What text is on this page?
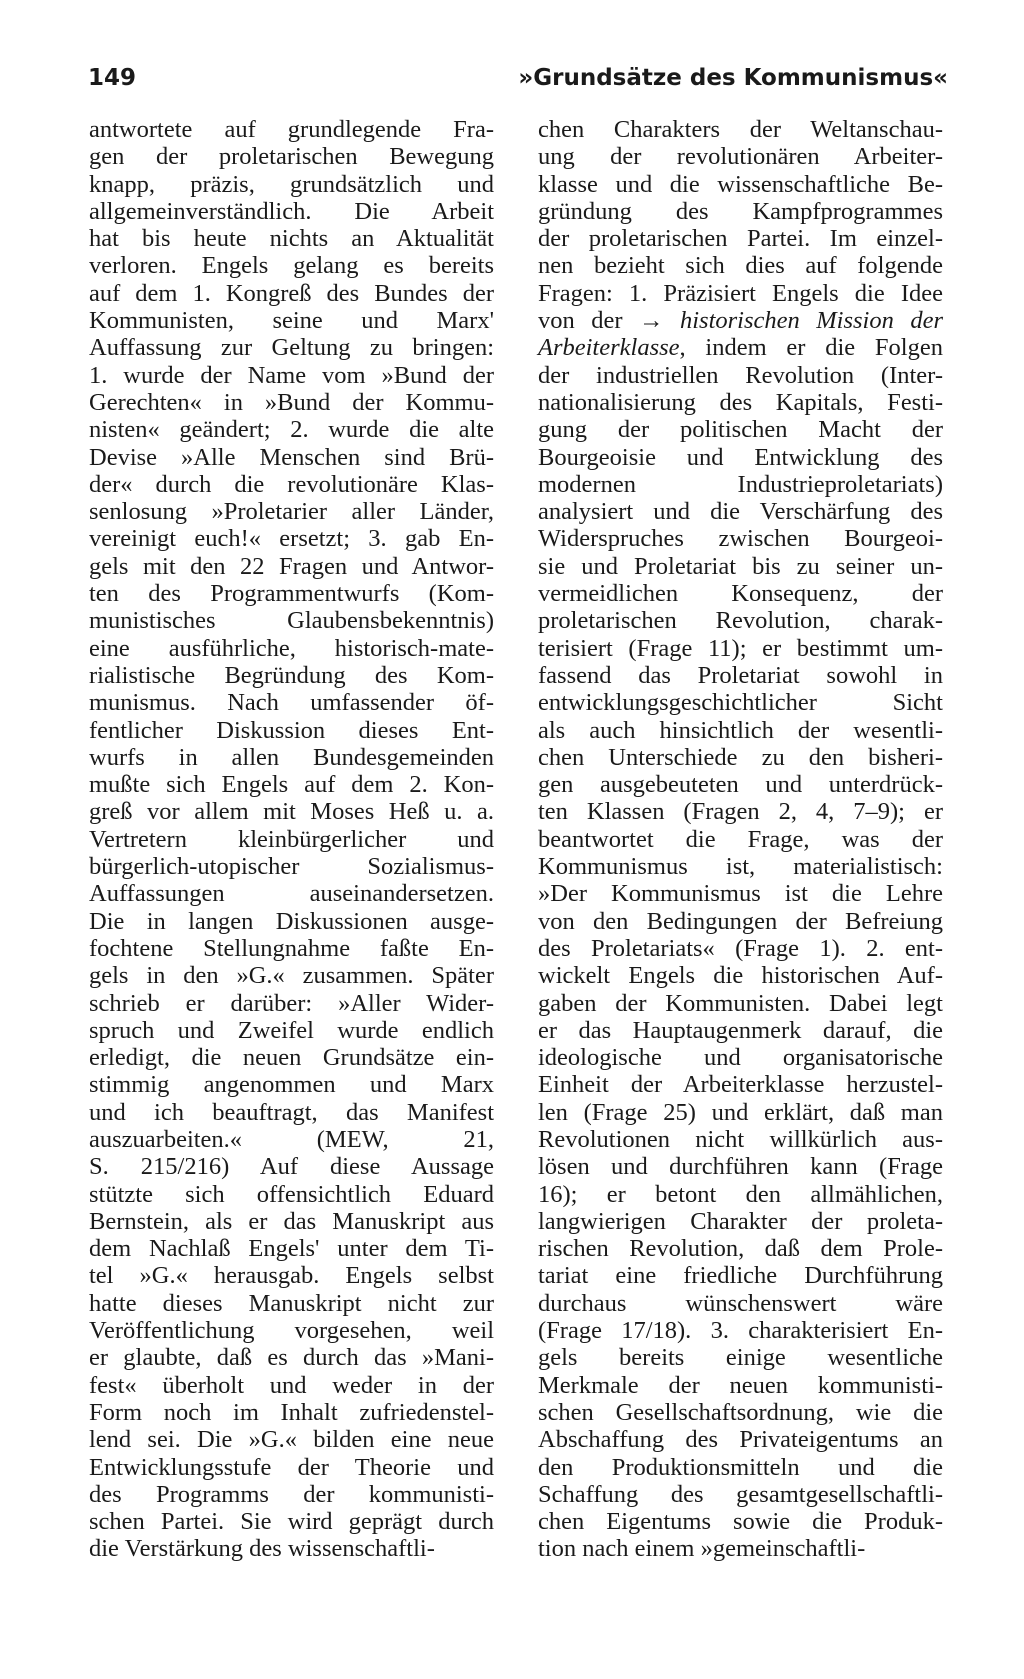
149	»Grundsätze des Kommunismus«
antwortete auf grundlegende Fra-
gen der proletarischen Bewegung
knapp, präzis, grundsätzlich und
allgemeinverständlich. Die Arbeit
hat bis heute nichts an Aktualität
verloren. Engels gelang es bereits
auf dem 1. Kongreß des Bundes der
Kommunisten, seine und Marx'
Auffassung zur Geltung zu bringen:
1. wurde der Name vom »Bund der
Gerechten« in »Bund der Kommu-
nisten« geändert; 2. wurde die alte
Devise »Alle Menschen sind Brü-
der« durch die revolutionäre Klas-
senlosung »Proletarier aller Länder,
vereinigt euch!« ersetzt; 3. gab En-
gels mit den 22 Fragen und Antwor-
ten des Programmentwurfs (Kom-
munistisches Glaubensbekenntnis)
eine ausführliche, historisch-mate-
rialistische Begründung des Kom-
munismus. Nach umfassender öf-
fentlicher Diskussion dieses Ent-
wurfs in allen Bundesgemeinden
mußte sich Engels auf dem 2. Kon-
greß vor allem mit Moses Heß u. a.
Vertretern kleinbürgerlicher und
bürgerlich-utopischer Sozialismus-
Auffassungen auseinandersetzen.
Die in langen Diskussionen ausge-
fochtene Stellungnahme faßte En-
gels in den »G.« zusammen. Später
schrieb er darüber: »Aller Wider-
spruch und Zweifel wurde endlich
erledigt, die neuen Grundsätze ein-
stimmig angenommen und Marx
und ich beauftragt, das Manifest
auszuarbeiten.« (MEW, 21,
S. 215/216) Auf diese Aussage
stützte sich offensichtlich Eduard
Bernstein, als er das Manuskript aus
dem Nachlaß Engels' unter dem Ti-
tel »G.« herausgab. Engels selbst
hatte dieses Manuskript nicht zur
Veröffentlichung vorgesehen, weil
er glaubte, daß es durch das »Mani-
fest« überholt und weder in der
Form noch im Inhalt zufriedenstel-
lend sei. Die »G.« bilden eine neue
Entwicklungsstufe der Theorie und
des Programms der kommunisti-
schen Partei. Sie wird geprägt durch
die Verstärkung des wissenschaftli-
chen Charakters der Weltanschau-
ung der revolutionären Arbeiter-
klasse und die wissenschaftliche Be-
gründung des Kampfprogrammes
der proletarischen Partei. Im einzel-
nen bezieht sich dies auf folgende
Fragen: 1. Präzisiert Engels die Idee
von der → historischen Mission der
Arbeiterklasse, indem er die Folgen
der industriellen Revolution (Inter-
nationalisierung des Kapitals, Festi-
gung der politischen Macht der
Bourgeoisie und Entwicklung des
modernen Industrieproletariats)
analysiert und die Verschärfung des
Widerspruches zwischen Bourgeoi-
sie und Proletariat bis zu seiner un-
vermeidlichen Konsequenz, der
proletarischen Revolution, charak-
terisiert (Frage 11); er bestimmt um-
fassend das Proletariat sowohl in
entwicklungsgeschichtlicher Sicht
als auch hinsichtlich der wesentli-
chen Unterschiede zu den bisheri-
gen ausgebeuteten und unterdrück-
ten Klassen (Fragen 2, 4, 7–9); er
beantwortet die Frage, was der
Kommunismus ist, materialistisch:
»Der Kommunismus ist die Lehre
von den Bedingungen der Befreiung
des Proletariats« (Frage 1). 2. ent-
wickelt Engels die historischen Auf-
gaben der Kommunisten. Dabei legt
er das Hauptaugenmerk darauf, die
ideologische und organisatorische
Einheit der Arbeiterklasse herzustel-
len (Frage 25) und erklärt, daß man
Revolutionen nicht willkürlich aus-
lösen und durchführen kann (Frage
16); er betont den allmählichen,
langwierigen Charakter der proleta-
rischen Revolution, daß dem Prole-
tariat eine friedliche Durchführung
durchaus wünschenswert wäre
(Frage 17/18). 3. charakterisiert En-
gels bereits einige wesentliche
Merkmale der neuen kommunisti-
schen Gesellschaftsordnung, wie die
Abschaffung des Privateigentums an
den Produktionsmitteln und die
Schaffung des gesamtgesellschaftli-
chen Eigentums sowie die Produk-
tion nach einem »gemeinschaftli-
